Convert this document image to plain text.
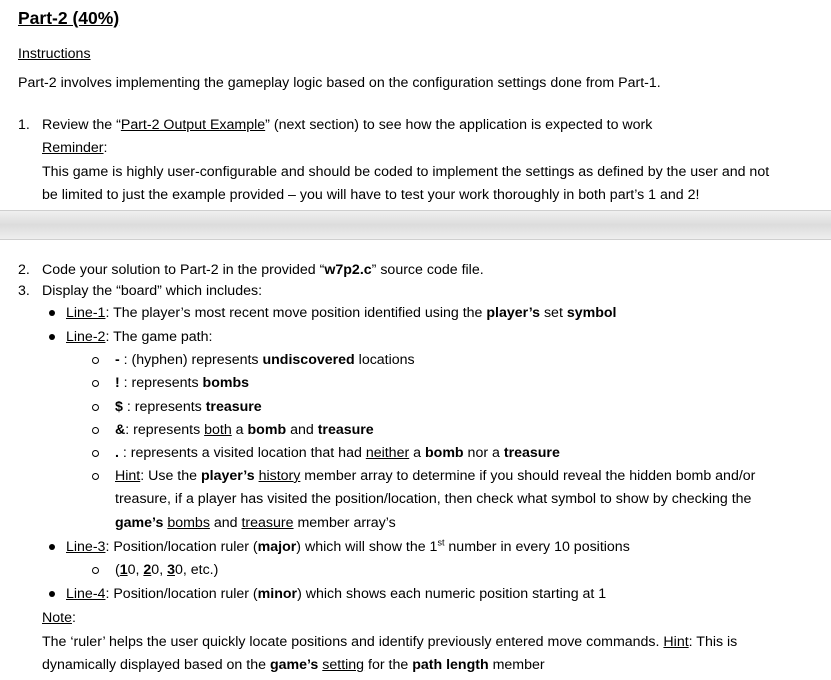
Part-2 (40%)
Instructions
Part-2 involves implementing the gameplay logic based on the configuration settings done from Part-1.
1. Review the “Part-2 Output Example” (next section) to see how the application is expected to work
Reminder:
This game is highly user-configurable and should be coded to implement the settings as defined by the user and not
be limited to just the example provided – you will have to test your work thoroughly in both part’s 1 and 2!
2. Code your solution to Part-2 in the provided “w7p2.c” source code file.
3. Display the “board” which includes:
Line-1: The player’s most recent move position identified using the player’s set symbol
Line-2: The game path:
- : (hyphen) represents undiscovered locations
! : represents bombs
$ : represents treasure
&: represents both a bomb and treasure
. : represents a visited location that had neither a bomb nor a treasure
Hint: Use the player’s history member array to determine if you should reveal the hidden bomb and/or
treasure, if a player has visited the position/location, then check what symbol to show by checking the
game’s bombs and treasure member array’s
Line-3: Position/location ruler (major) which will show the 1st number in every 10 positions
(10, 20, 30, etc.)
Line-4: Position/location ruler (minor) which shows each numeric position starting at 1
Note:
The ‘ruler’ helps the user quickly locate positions and identify previously entered move commands. Hint: This is
dynamically displayed based on the game’s setting for the path length member
